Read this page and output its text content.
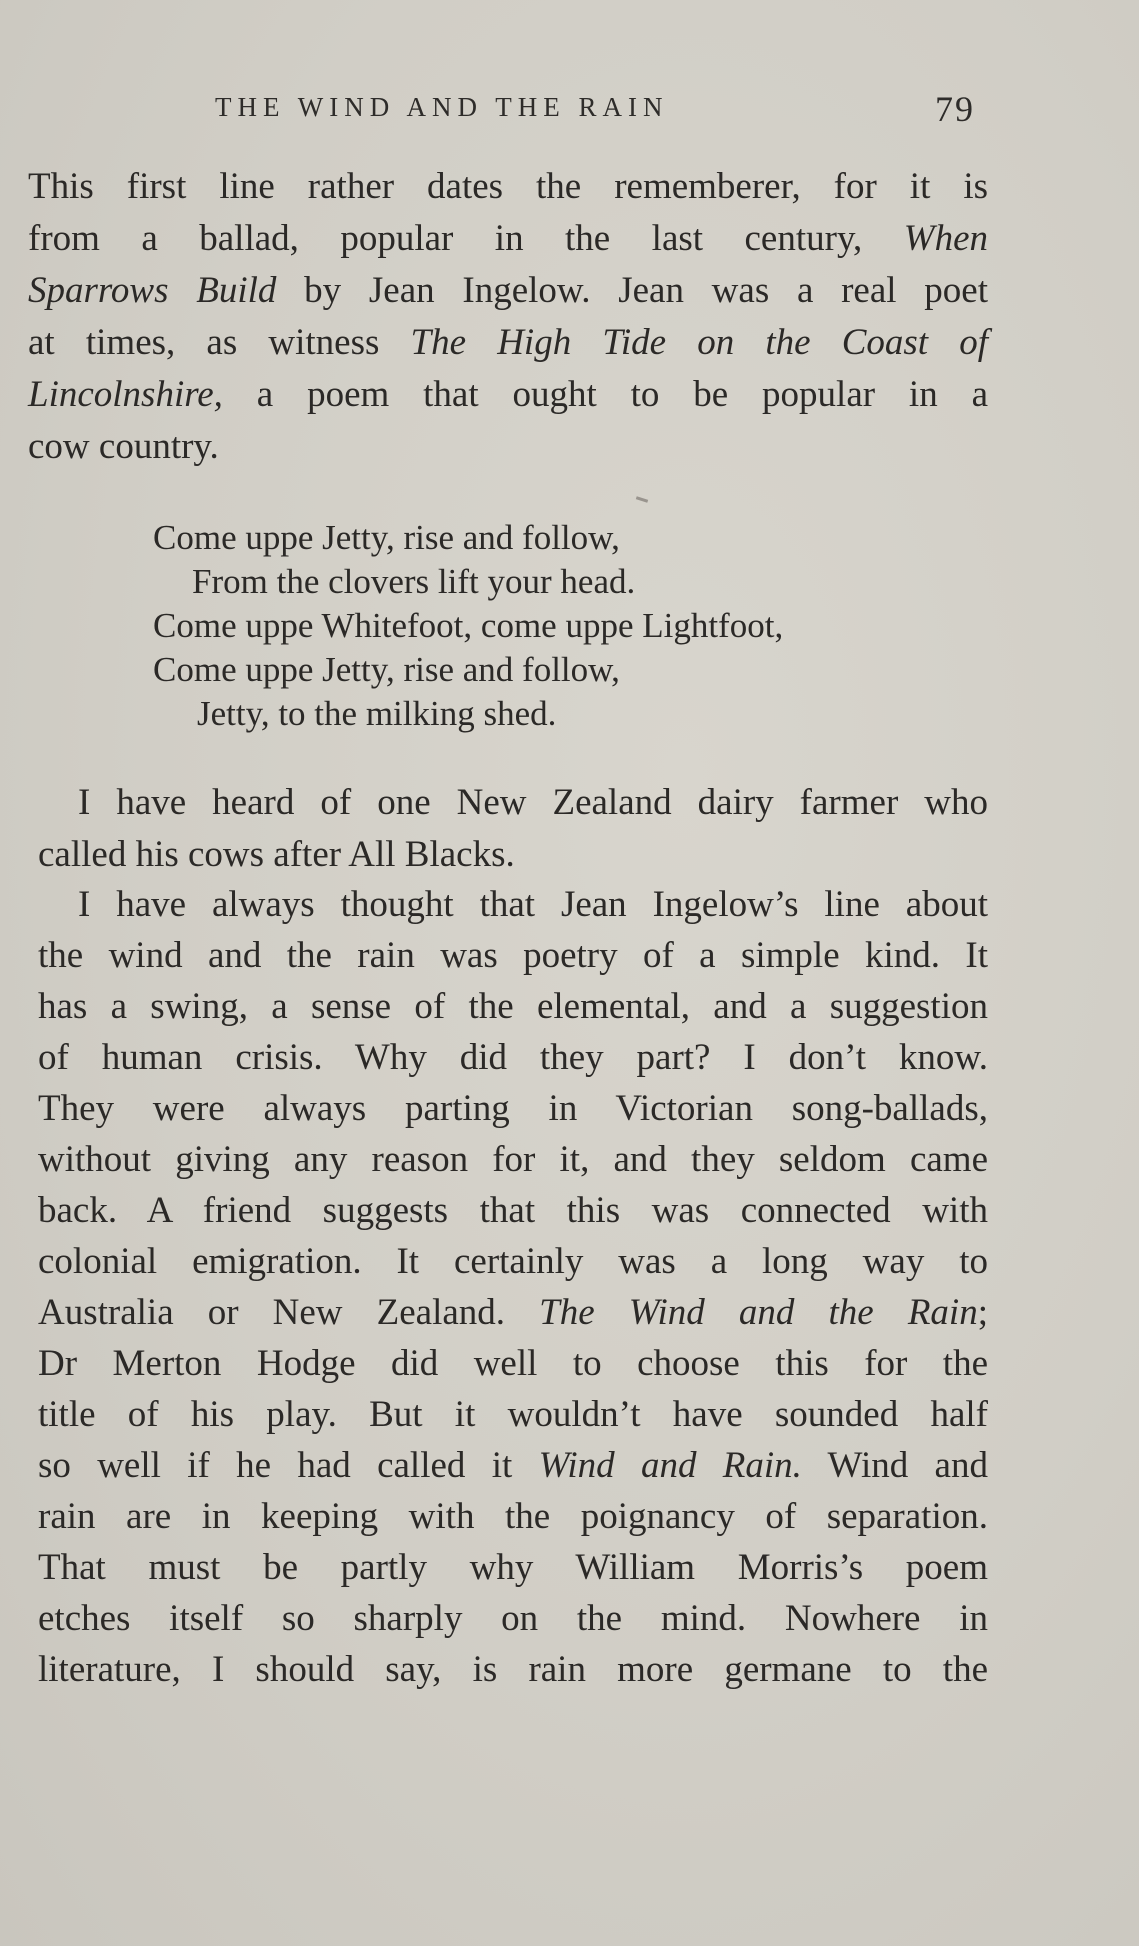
THE WIND AND THE RAIN	79
This first line rather dates the rememberer, for it is
from a ballad, popular in the last century, When
Sparrows Build by Jean Ingelow. Jean was a real poet
at times, as witness The High Tide on the Coast of
Lincolnshire, a poem that ought to be popular in a
cow country.
Come uppe Jetty, rise and follow,
From the clovers lift your head.
Come uppe Whitefoot, come uppe Lightfoot,
Come uppe Jetty, rise and follow,
Jetty, to the milking shed.
I have heard of one New Zealand dairy farmer who
called his cows after All Blacks.
I have always thought that Jean Ingelow’s line about
the wind and the rain was poetry of a simple kind. It
has a swing, a sense of the elemental, and a suggestion
of human crisis. Why did they part? I don’t know.
They were always parting in Victorian song-ballads,
without giving any reason for it, and they seldom came
back. A friend suggests that this was connected with
colonial emigration. It certainly was a long way to
Australia or New Zealand. The Wind and the Rain;
Dr Merton Hodge did well to choose this for the
title of his play. But it wouldn’t have sounded half
so well if he had called it Wind and Rain. Wind and
rain are in keeping with the poignancy of separation.
That must be partly why William Morris’s poem
etches itself so sharply on the mind. Nowhere in
literature, I should say, is rain more germane to the
